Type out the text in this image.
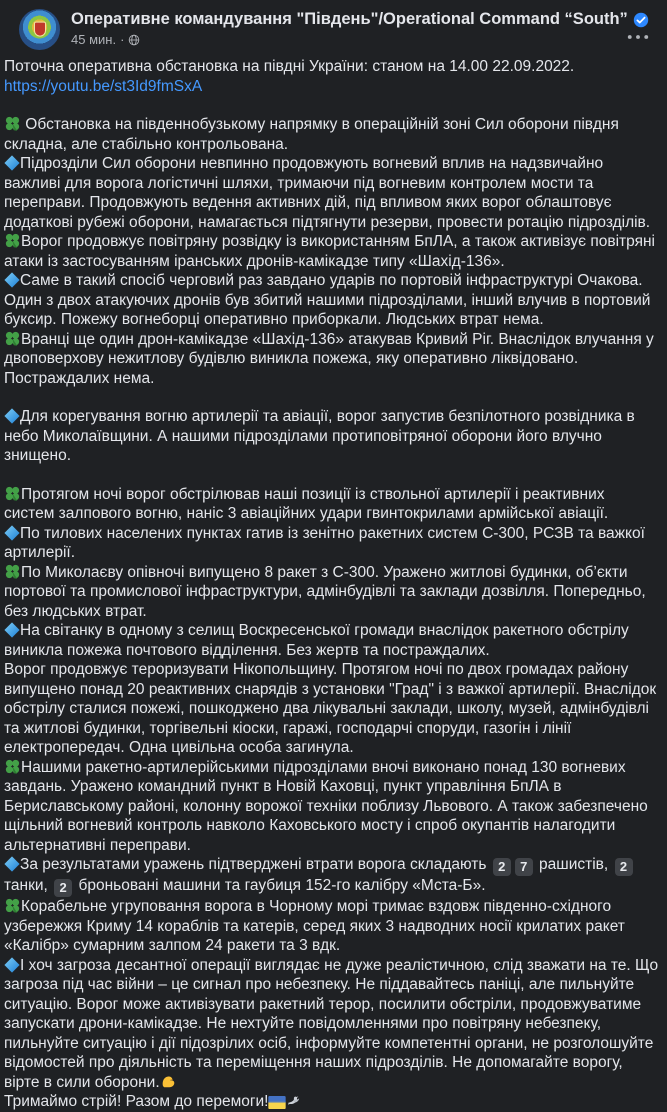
Оперативне командування "Південь"/Operational Command “South”
45 мин. ·
Поточна оперативна обстановка на півдні України: станом на 14.00 22.09.2022.
https://youtu.be/st3Id9fmSxA
Обстановка на південнобузькому напрямку в операційній зоні Сил оборони півдня складна, але стабільно контрольована.
Підрозділи Сил оборони невпинно продовжують вогневий вплив на надзвичайно важливі для ворога логістичні шляхи, тримаючи під вогневим контролем мости та переправи. Продовжують ведення активних дій, під впливом яких ворог облаштовує додаткові рубежі оборони, намагається підтягнути резерви, провести ротацію підрозділів.
Ворог продовжує повітряну розвідку із використанням БпЛА, а також активізує повітряні атаки із застосуванням іранських дронів-камікадзе типу «Шахід-136».
Саме в такий спосіб черговий раз завдано ударів по портовій інфраструктурі Очакова. Один з двох атакуючих дронів був збитий нашими підрозділами, інший влучив в портовий буксир. Пожежу вогнеборці оперативно приборкали. Людських втрат нема.
Вранці ще один дрон-камікадзе «Шахід-136» атакував Кривий Ріг. Внаслідок влучання у двоповерхову нежитлову будівлю виникла пожежа, яку оперативно ліквідовано. Постраждалих нема.
Для корегування вогню артилерії та авіації, ворог запустив безпілотного розвідника в небо Миколаївщини. А нашими підрозділами протиповітряної оборони його влучно знищено.
Протягом ночі ворог обстрілював наші позиції із ствольної артилерії і реактивних систем залпового вогню, наніс 3 авіаційних удари гвинтокрилами армійської авіації.
По тилових населених пунктах гатив із зенітно ракетних систем С-300, РСЗВ та важкої артилерії.
По Миколаєву опівночі випущено 8 ракет з С-300. Уражено житлові будинки, об’єкти портової та промислової інфраструктури, адмінбудівлі та заклади дозвілля. Попередньо, без людських втрат.
На світанку в одному з селищ Воскресенської громади внаслідок ракетного обстрілу виникла пожежа почтового відділення. Без жертв та постраждалих.
Ворог продовжує тероризувати Нікопольщину. Протягом ночі по двох громадах району випущено понад 20 реактивних снарядів з установки "Град" і з важкої артилерії. Внаслідок обстрілу сталися пожежі, пошкоджено два лікувальні заклади, школу, музей, адмінбудівлі та житлові будинки, торгівельні кіоски, гаражі, господарчі споруди, газогін і лінії електропередач. Одна цивільна особа загинула.
Нашими ракетно-артилерійськими підрозділами вночі виконано понад 130 вогневих завдань. Уражено командний пункт в Новій Каховці, пункт управління БпЛА в Бериславському районі, колонну ворожої техніки поблизу Львового. А також забезпечено щільний вогневий контроль навколо Каховського мосту і спроб окупантів налагодити альтернативні переправи.
За результатами уражень підтверджені втрати ворога складають 2 7 рашистів, 2 танки, 2 броньовані машини та гаубиця 152-го калібру «Мста-Б».
Корабельне угруповання ворога в Чорному морі тримає вздовж південно-східного узбережжя Криму 14 кораблів та катерів, серед яких 3 надводних носії крилатих ракет «Калібр» сумарним залпом 24 ракети та 3 вдк.
І хоч загроза десантної операції виглядає не дуже реалістичною, слід зважати на те. Що загроза під час війни – це сигнал про небезпеку. Не піддавайтесь паніці, але пильнуйте ситуацію. Ворог може активізувати ракетний терор, посилити обстріли, продовжуватиме запускати дрони-камікадзе. Не нехтуйте повідомленнями про повітряну небезпеку, пильнуйте ситуацію і дії підозрілих осіб, інформуйте компетентні органи, не розголошуйте відомостей про діяльність та переміщення наших підрозділів. Не допомагайте ворогу, вірте в сили оборони.
Тримаймо стрій! Разом до перемоги!
